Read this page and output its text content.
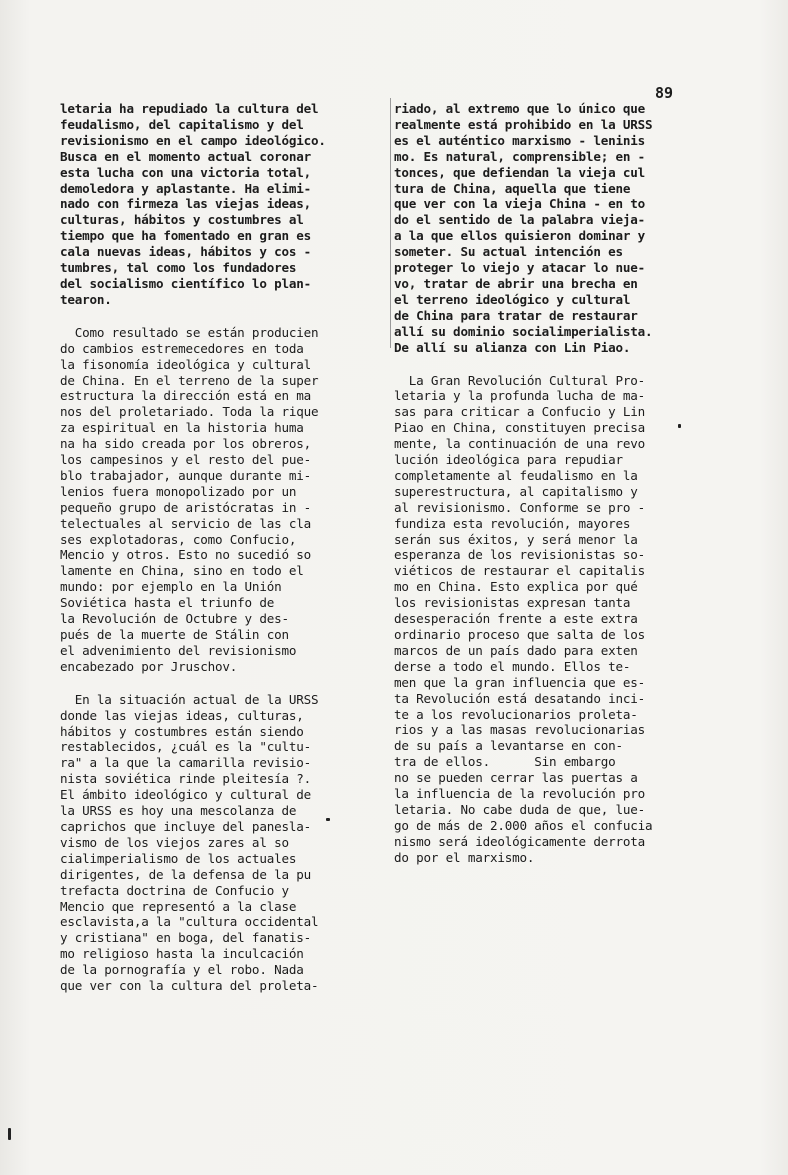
89
letaria ha repudiado la cultura del
feudalismo, del capitalismo y del
revisionismo en el campo ideológico.
Busca en el momento actual coronar
esta lucha con una victoria total,
demoledora y aplastante. Ha elimi-
nado con firmeza las viejas ideas,
culturas, hábitos y costumbres al
tiempo que ha fomentado en gran es
cala nuevas ideas, hábitos y cos -
tumbres, tal como los fundadores
del socialismo científico lo plan-
tearon.
Como resultado se están producien
do cambios estremecedores en toda
la fisonomía ideológica y cultural
de China. En el terreno de la super
estructura la dirección está en ma
nos del proletariado. Toda la rique
za espiritual en la historia huma
na ha sido creada por los obreros,
los campesinos y el resto del pue-
blo trabajador, aunque durante mi-
lenios fuera monopolizado por un
pequeño grupo de aristócratas in -
telectuales al servicio de las cla
ses explotadoras, como Confucio,
Mencio y otros. Esto no sucedió so
lamente en China, sino en todo el
mundo: por ejemplo en la Unión
Soviética hasta el triunfo de
la Revolución de Octubre y des-
pués de la muerte de Stálin con
el advenimiento del revisionismo
encabezado por Jruschov.
En la situación actual de la URSS
donde las viejas ideas, culturas,
hábitos y costumbres están siendo
restablecidos, ¿cuál es la "cultu-
ra" a la que la camarilla revisio-
nista soviética rinde pleitesía ?.
El ámbito ideológico y cultural de
la URSS es hoy una mescolanza de
caprichos que incluye del panesla-
vismo de los viejos zares al so
cialimperialismo de los actuales
dirigentes, de la defensa de la pu
trefacta doctrina de Confucio y
Mencio que representó a la clase
esclavista,a la "cultura occidental
y cristiana" en boga, del fanatis-
mo religioso hasta la inculcación
de la pornografía y el robo. Nada
que ver con la cultura del proleta-
riado, al extremo que lo único que
realmente está prohibido en la URSS
es el auténtico marxismo - leninis
mo. Es natural, comprensible; en -
tonces, que defiendan la vieja cul
tura de China, aquella que tiene
que ver con la vieja China - en to
do el sentido de la palabra vieja-
a la que ellos quisieron dominar y
someter. Su actual intención es
proteger lo viejo y atacar lo nue-
vo, tratar de abrir una brecha en
el terreno ideológico y cultural
de China para tratar de restaurar
allí su dominio socialimperialista.
De allí su alianza con Lin Piao.
La Gran Revolución Cultural Pro-
letaria y la profunda lucha de ma-
sas para criticar a Confucio y Lin
Piao en China, constituyen precisa
mente, la continuación de una revo
lución ideológica para repudiar
completamente al feudalismo en la
superestructura, al capitalismo y
al revisionismo. Conforme se pro -
fundiza esta revolución, mayores
serán sus éxitos, y será menor la
esperanza de los revisionistas so-
viéticos de restaurar el capitalis
mo en China. Esto explica por qué
los revisionistas expresan tanta
desesperación frente a este extra
ordinario proceso que salta de los
marcos de un país dado para exten
derse a todo el mundo. Ellos te-
men que la gran influencia que es-
ta Revolución está desatando inci-
te a los revolucionarios proleta-
rios y a las masas revolucionarias
de su país a levantarse en con-
tra de ellos.      Sin embargo
no se pueden cerrar las puertas a
la influencia de la revolución pro
letaria. No cabe duda de que, lue-
go de más de 2.000 años el confucia
nismo será ideológicamente derrota
do por el marxismo.
